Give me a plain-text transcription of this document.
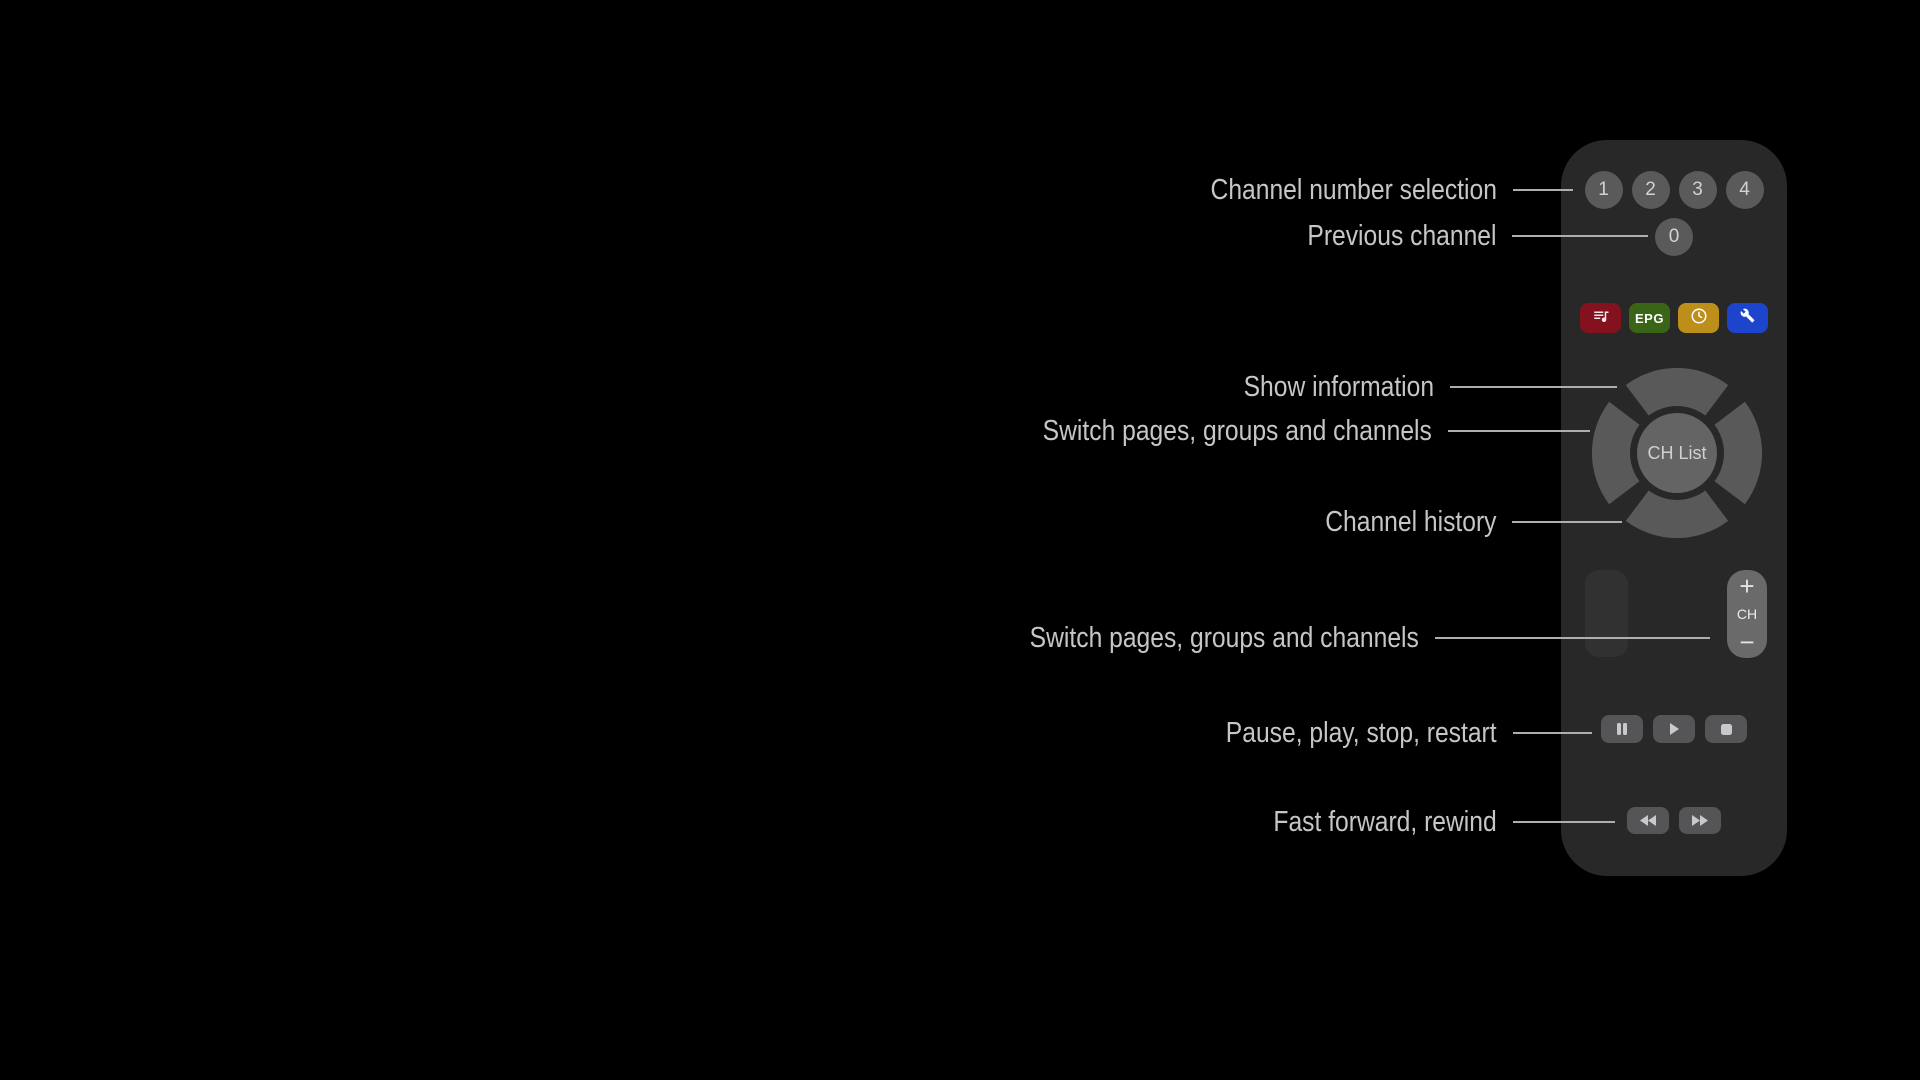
Channel number selection
Previous channel
Show information
Switch pages, groups and channels
Channel history
Switch pages, groups and channels
Pause, play, stop, restart
Fast forward, rewind
1	2	3	4
0
EPG
CH List
+
CH
−
